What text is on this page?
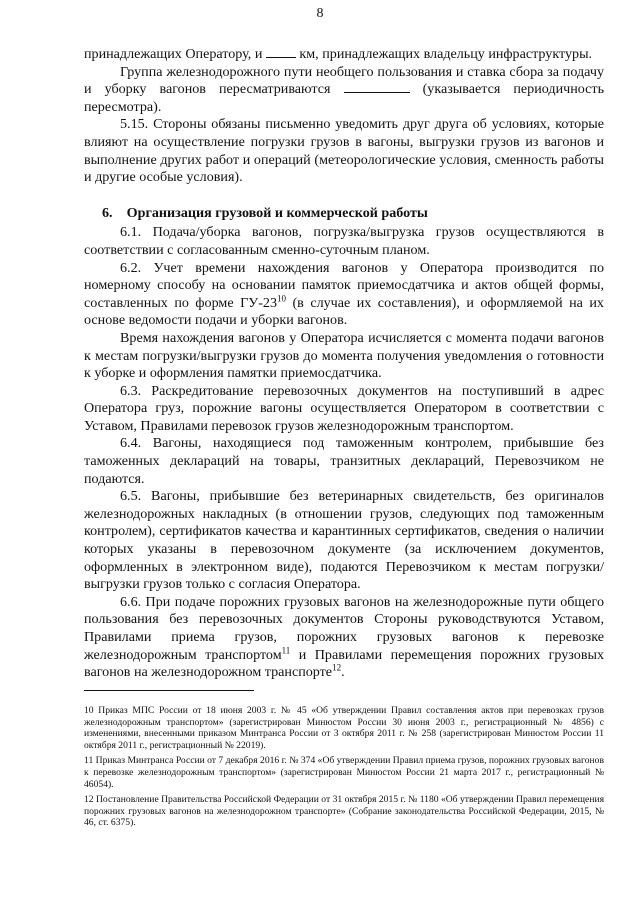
8

принадлежащих Оператору, и  км, принадлежащих владельцу инфраструктуры.

Группа железнодорожного пути необщего пользования и ставка сбора за подачу и уборку вагонов пересматриваются	(указывается периодичность пересмотра).

5.15. Стороны обязаны письменно уведомить друг друга об условиях, которые влияют на осуществление погрузки грузов в вагоны, выгрузки грузов из вагонов и выполнение других работ и операций (метеорологические условия, сменность работы и другие особые условия).

6. Организация грузовой и коммерческой работы

6.1. Подача/уборка вагонов, погрузка/выгрузка грузов осуществляются в соответствии с согласованным сменно-суточным планом.

6.2. Учет времени нахождения вагонов у Оператора производится по номерному способу на основании памяток приемосдатчика и актов общей формы, составленных по форме $ГУ-23^{10}$ (в случае их составления), и оформляемой на их основе ведомости подачи и уборки вагонов.

Время нахождения вагонов у Оператора исчисляется с момента подачи вагонов к местам погрузки/выгрузки грузов до момента получения уведомления о готовности к уборке и оформления памятки приемосдатчика.

6.3. Раскредитование перевозочных документов на поступивший в адрес Оператора груз, порожние вагоны осуществляется Оператором в соответствии с Уставом, Правилами перевозок грузов железнодорожным транспортом.

6.4. Вагоны, находящиеся под таможенным контролем, прибывшие без таможенных деклараций на товары, транзитных деклараций, Перевозчиком не подаются.

6.5. Вагоны, прибывшие без ветеринарных свидетельств, без оригиналов железнодорожных накладных (в отношении грузов, следующих под таможенным контролем), сертификатов качества и карантинных сертификатов, сведения о наличии которых указаны в перевозочном документе (за исключением документов, оформленных в электронном виде), подаются Перевозчиком к местам погрузки/выгрузки грузов только с согласия Оператора.

6.6. При подаче порожних грузовых вагонов на железнодорожные пути общего пользования без перевозочных документов Стороны руководствуются Уставом, Правилами приема грузов, порожних грузовых вагонов к перевозке железнодорожным транспортом$^{11}$ и Правилами перемещения порожних грузовых вагонов на железнодорожном транспорте$^{12}$.

10 Приказ МПС России от 18 июня 2003 г. № 45 «Об утверждении Правил составления актов при перевозках грузов железнодорожным транспортом» (зарегистрирован Минюстом России 30 июня 2003 г., регистрационный № 4856) с изменениями, внесенными приказом Минтранса России от 3 октября 2011 г. № 258 (зарегистрирован Минюстом России 11 октября 2011 г., регистрационный № 22019).

11 Приказ Минтранса России от 7 декабря 2016 г. № 374 «Об утверждении Правил приема грузов, порожних грузовых вагонов к перевозке железнодорожным транспортом» (зарегистрирован Минюстом России 21 марта 2017 г., регистрационный № 46054).

12 Постановление Правительства Российской Федерации от 31 октября 2015 г. № 1180 «Об утверждении Правил перемещения порожних грузовых вагонов на железнодорожном транспорте» (Собрание законодательства Российской Федерации, 2015, № 46, ст. 6375).
